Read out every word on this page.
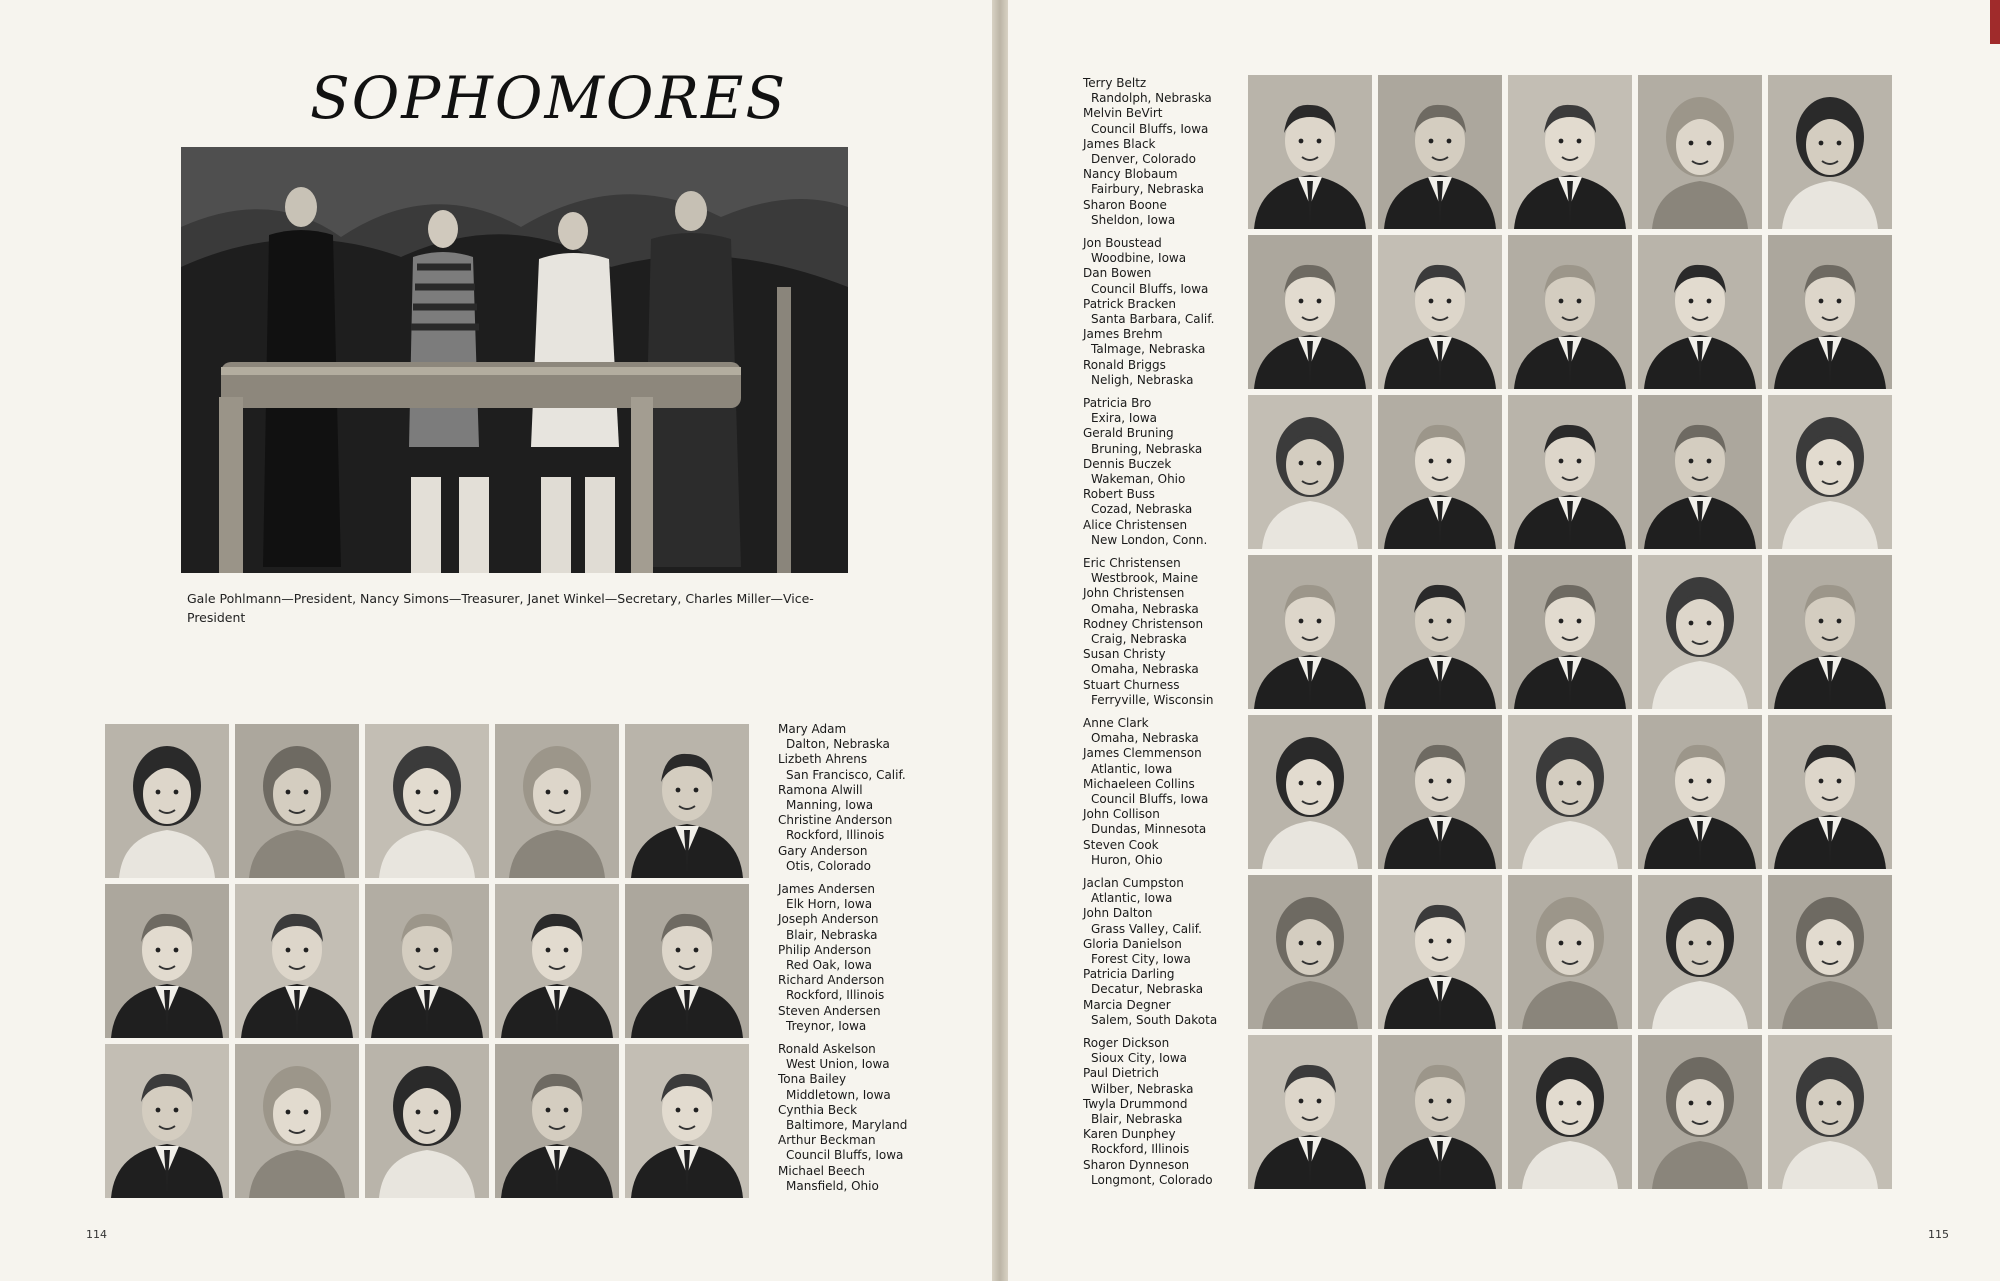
SOPHOMORES
Gale Pohlmann—President, Nancy Simons—Treasurer, Janet Winkel—Secretary, Charles Miller—Vice-President
Mary Adam
Dalton, Nebraska
Lizbeth Ahrens
San Francisco, Calif.
Ramona Alwill
Manning, Iowa
Christine Anderson
Rockford, Illinois
Gary Anderson
Otis, Colorado
James Andersen
Elk Horn, Iowa
Joseph Anderson
Blair, Nebraska
Philip Anderson
Red Oak, Iowa
Richard Anderson
Rockford, Illinois
Steven Andersen
Treynor, Iowa
Ronald Askelson
West Union, Iowa
Tona Bailey
Middletown, Iowa
Cynthia Beck
Baltimore, Maryland
Arthur Beckman
Council Bluffs, Iowa
Michael Beech
Mansfield, Ohio
114
Terry Beltz
Randolph, Nebraska
Melvin BeVirt
Council Bluffs, Iowa
James Black
Denver, Colorado
Nancy Blobaum
Fairbury, Nebraska
Sharon Boone
Sheldon, Iowa
Jon Boustead
Woodbine, Iowa
Dan Bowen
Council Bluffs, Iowa
Patrick Bracken
Santa Barbara, Calif.
James Brehm
Talmage, Nebraska
Ronald Briggs
Neligh, Nebraska
Patricia Bro
Exira, Iowa
Gerald Bruning
Bruning, Nebraska
Dennis Buczek
Wakeman, Ohio
Robert Buss
Cozad, Nebraska
Alice Christensen
New London, Conn.
Eric Christensen
Westbrook, Maine
John Christensen
Omaha, Nebraska
Rodney Christenson
Craig, Nebraska
Susan Christy
Omaha, Nebraska
Stuart Churness
Ferryville, Wisconsin
Anne Clark
Omaha, Nebraska
James Clemmenson
Atlantic, Iowa
Michaeleen Collins
Council Bluffs, Iowa
John Collison
Dundas, Minnesota
Steven Cook
Huron, Ohio
Jaclan Cumpston
Atlantic, Iowa
John Dalton
Grass Valley, Calif.
Gloria Danielson
Forest City, Iowa
Patricia Darling
Decatur, Nebraska
Marcia Degner
Salem, South Dakota
Roger Dickson
Sioux City, Iowa
Paul Dietrich
Wilber, Nebraska
Twyla Drummond
Blair, Nebraska
Karen Dunphey
Rockford, Illinois
Sharon Dynneson
Longmont, Colorado
115
